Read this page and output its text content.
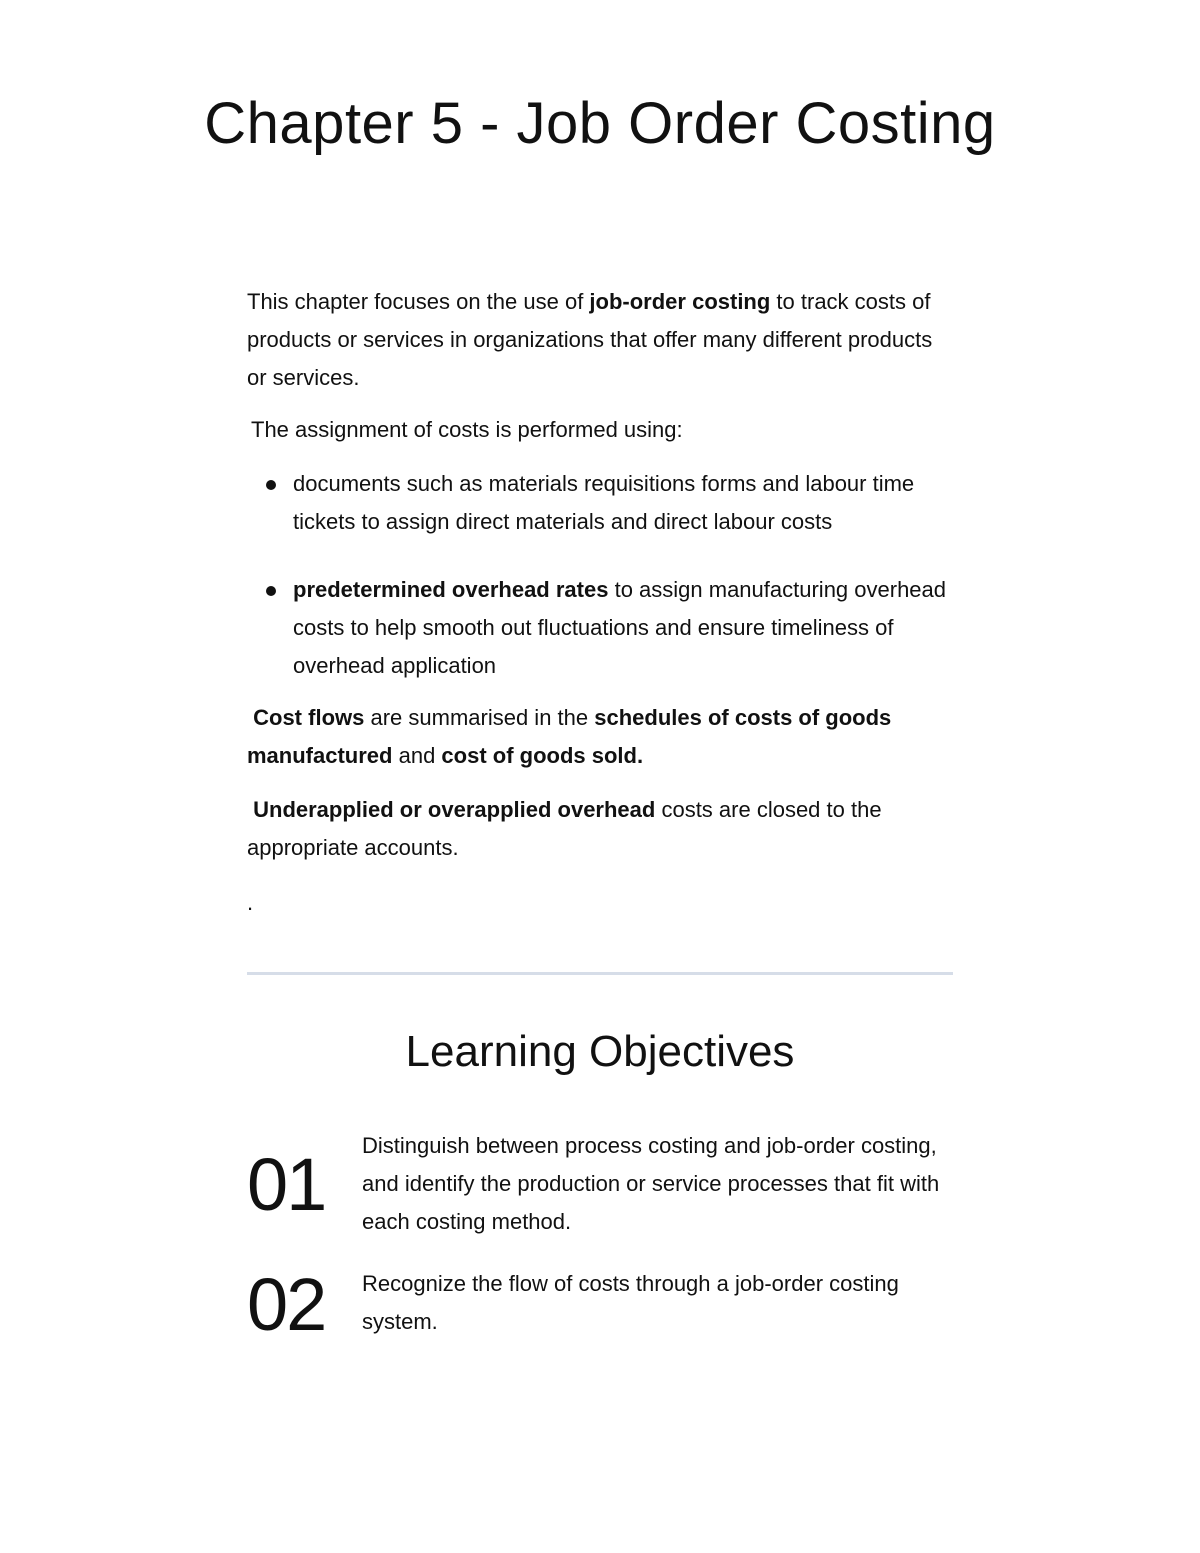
Chapter 5 - Job Order Costing

This chapter focuses on the use of job-order costing to track costs of products or services in organizations that offer many different products or services.

The assignment of costs is performed using:

documents such as materials requisitions forms and labour time tickets to assign direct materials and direct labour costs
predetermined overhead rates to assign manufacturing overhead costs to help smooth out fluctuations and ensure timeliness of overhead application

Cost flows are summarised in the schedules of costs of goods manufactured and cost of goods sold.

Underapplied or overapplied overhead costs are closed to the appropriate accounts.

.

Learning Objectives
01 Distinguish between process costing and job-order costing, and identify the production or service processes that fit with each costing method.
02 Recognize the flow of costs through a job-order costing system.
